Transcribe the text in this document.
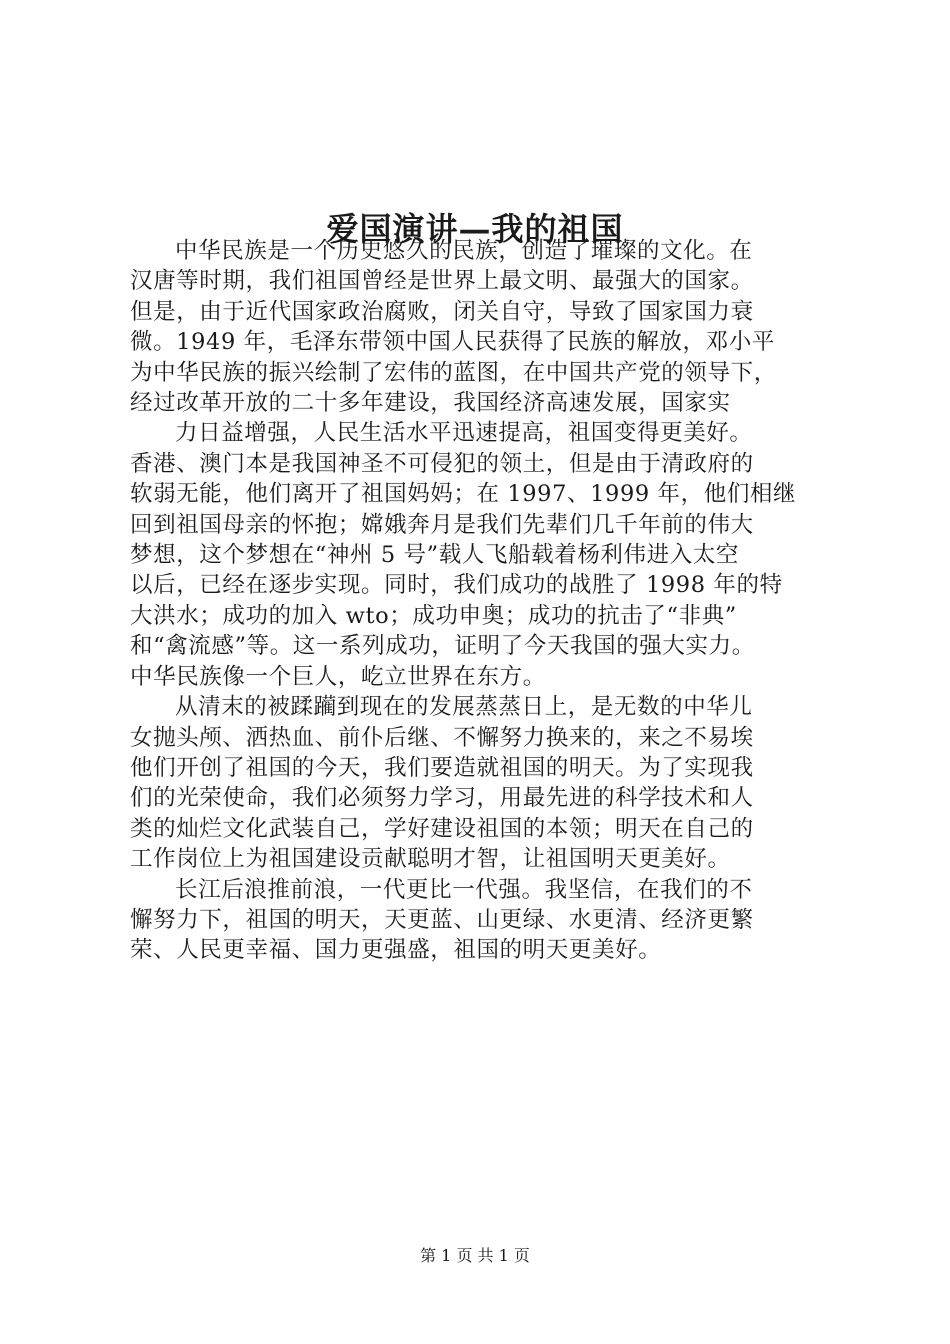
爱国演讲—我的祖国

中华民族是一个历史悠久的民族，创造了璀璨的文化。在
汉唐等时期，我们祖国曾经是世界上最文明、最强大的国家。
但是，由于近代国家政治腐败，闭关自守，导致了国家国力衰
微。1949 年，毛泽东带领中国人民获得了民族的解放，邓小平
为中华民族的振兴绘制了宏伟的蓝图，在中国共产党的领导下，
经过改革开放的二十多年建设，我国经济高速发展，国家实

力日益增强，人民生活水平迅速提高，祖国变得更美好。
香港、澳门本是我国神圣不可侵犯的领土，但是由于清政府的
软弱无能，他们离开了祖国妈妈；在 1997、1999 年，他们相继
回到祖国母亲的怀抱；嫦娥奔月是我们先辈们几千年前的伟大
梦想，这个梦想在“神州 5 号”载人飞船载着杨利伟进入太空
以后，已经在逐步实现。同时，我们成功的战胜了 1998 年的特
大洪水；成功的加入 wto；成功申奥；成功的抗击了“非典”
和“禽流感”等。这一系列成功，证明了今天我国的强大实力。
中华民族像一个巨人，屹立世界在东方。

从清末的被蹂躏到现在的发展蒸蒸日上，是无数的中华儿
女抛头颅、洒热血、前仆后继、不懈努力换来的，来之不易埃
他们开创了祖国的今天，我们要造就祖国的明天。为了实现我
们的光荣使命，我们必须努力学习，用最先进的科学技术和人
类的灿烂文化武装自己，学好建设祖国的本领；明天在自己的
工作岗位上为祖国建设贡献聪明才智，让祖国明天更美好。

长江后浪推前浪，一代更比一代强。我坚信，在我们的不
懈努力下，祖国的明天，天更蓝、山更绿、水更清、经济更繁
荣、人民更幸福、国力更强盛，祖国的明天更美好。

第 1 页 共 1 页
